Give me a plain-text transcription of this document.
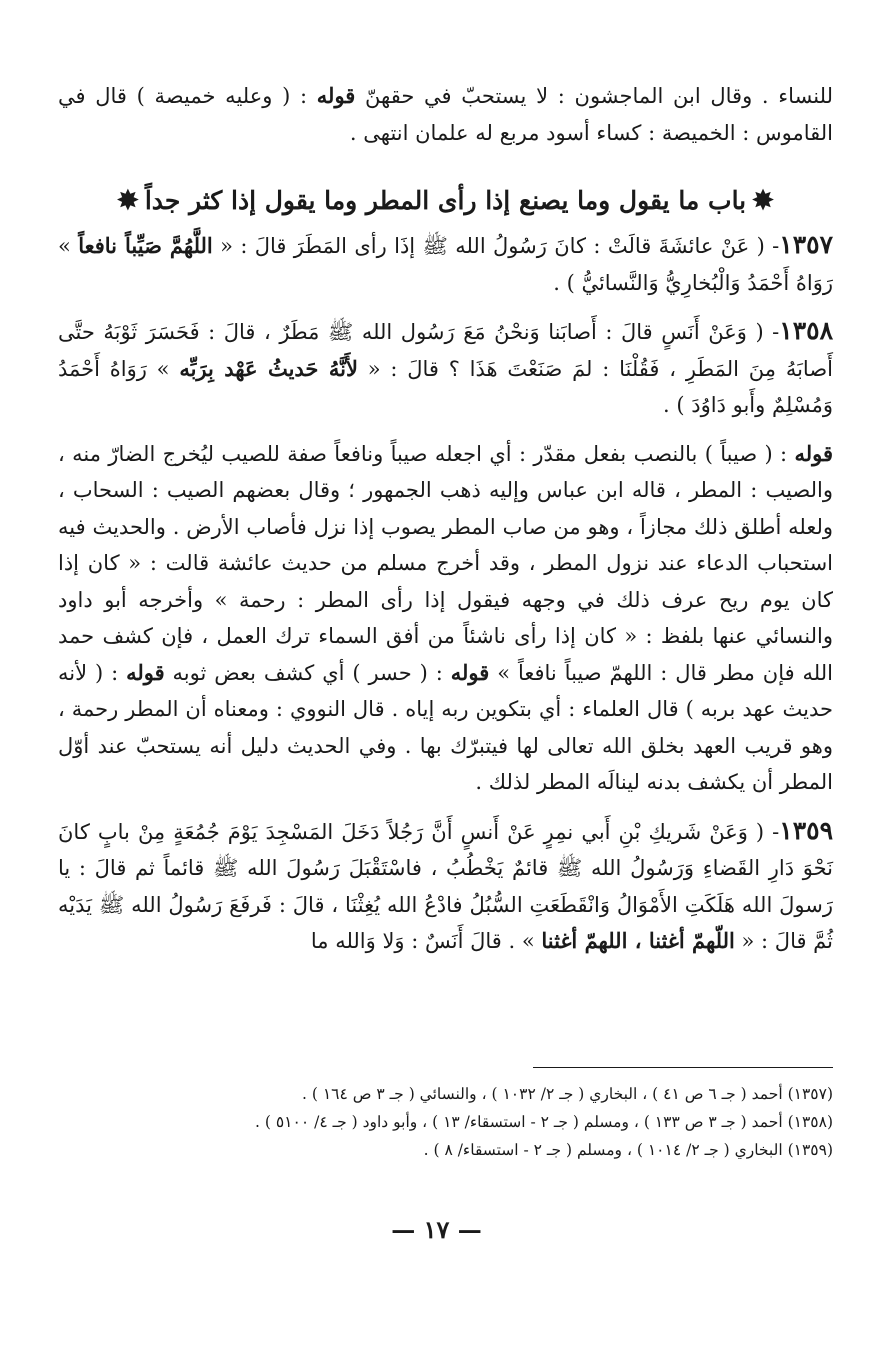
للنساء . وقال ابن الماجشون : لا يستحبّ في حقهنّ قوله : ( وعليه خميصة ) قال في القاموس : الخميصة : كساء أسود مربع له علمان انتهى .

✸باب ما يقول وما يصنع إذا رأى المطر وما يقول إذا كثر جداً✸

١٣٥٧- ( عَنْ عائشَةَ قالَتْ : كانَ رَسُولُ الله ﷺ إذَا رأى المَطَرَ قالَ : « اللَّهُمَّ صَيِّباً نافعاً » رَوَاهُ أَحْمَدُ وَالْبُخارِيُّ وَالنَّسائيُّ ) .

١٣٥٨- ( وَعَنْ أَنَسٍ قالَ : أَصابَنا وَنحْنُ مَعَ رَسُول الله ﷺ مَطَرٌ ، قالَ : فَحَسَرَ ثَوْبَهُ حتَّى أَصابَهُ مِنَ المَطَرِ ، فَقُلْنَا : لمَ صَنَعْتَ هَذَا ؟ قالَ : « لأَنَّهُ حَديثُ عَهْد بِرَبِّه » رَوَاهُ أَحْمَدُ وَمُسْلِمٌ وأَبو دَاوُدَ ) .

قوله : ( صيباً ) بالنصب بفعل مقدّر : أي اجعله صيباً ونافعاً صفة للصيب ليُخرج الضارّ منه ، والصيب : المطر ، قاله ابن عباس وإليه ذهب الجمهور ؛ وقال بعضهم الصيب : السحاب ، ولعله أطلق ذلك مجازاً ، وهو من صاب المطر يصوب إذا نزل فأصاب الأرض . والحديث فيه استحباب الدعاء عند نزول المطر ، وقد أخرج مسلم من حديث عائشة قالت : « كان إذا كان يوم ريح عرف ذلك في وجهه فيقول إذا رأى المطر : رحمة » وأخرجه أبو داود والنسائي عنها بلفظ : « كان إذا رأى ناشئاً من أفق السماء ترك العمل ، فإن كشف حمد الله فإن مطر قال : اللهمّ صيباً نافعاً » قوله : ( حسر ) أي كشف بعض ثوبه قوله : ( لأنه حديث عهد بربه ) قال العلماء : أي بتكوين ربه إياه . قال النووي : ومعناه أن المطر رحمة ، وهو قريب العهد بخلق الله تعالى لها فيتبرّك بها . وفي الحديث دليل أنه يستحبّ عند أوّل المطر أن يكشف بدنه لينالَه المطر لذلك .

١٣٥٩- ( وَعَنْ شَريكِ بْنِ أَبي نمِرٍ عَنْ أَنسٍ أَنَّ رَجُلاً دَخَلَ المَسْجِدَ يَوْمَ جُمُعَةٍ مِنْ بابٍ كانَ نَحْوَ دَارِ القَضاءِ وَرَسُولُ الله ﷺ قائمٌ يَخْطُبُ ، فاسْتَقْبَلَ رَسُولَ الله ﷺ قائماً ثم قالَ : يا رَسولَ الله هَلَكَتِ الأَمْوَالُ وَانْقَطَعَتِ السُّبُلُ فادْعُ الله يُغِثْنَا ، قالَ : فَرفَعَ رَسُولُ الله ﷺ يَدَيْه ثُمَّ قالَ : « اللّهمّ أغثنا ، اللهمّ أغثنا » . قالَ أَنَسٌ : وَلا وَالله ما

(١٣٥٧) أحمد ( جـ ٦ ص ٤١ ) ، البخاري ( جـ ٢/ ١٠٣٢ ) ، والنسائي ( جـ ٣ ص ١٦٤ ) .

(١٣٥٨) أحمد ( جـ ٣ ص ١٣٣ ) ، ومسلم ( جـ ٢ - استسقاء/ ١٣ ) ، وأبو داود ( جـ ٤/ ٥١٠٠ ) .

(١٣٥٩) البخاري ( جـ ٢/ ١٠١٤ ) ، ومسلم ( جـ ٢ - استسقاء/ ٨ ) .

— ١٧ —
